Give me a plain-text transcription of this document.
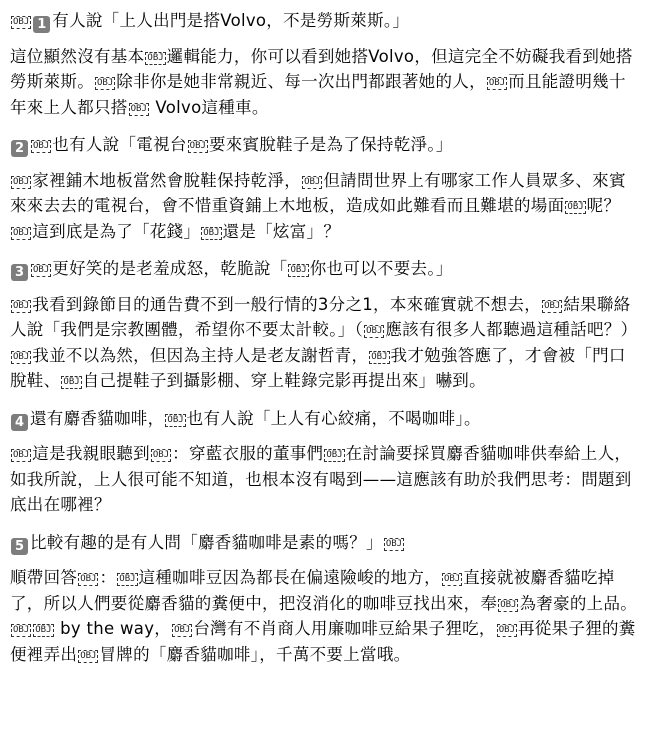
OBJ 1 有人說「上人出門是搭Volvo，不是勞斯萊斯。」

這位顯然沒有基本 OBJ 邏輯能力，你可以看到她搭Volvo，但這完全不妨礙我看到她搭勞斯萊斯。 OBJ 除非你是她非常親近、每一次出門都跟著她的人， OBJ 而且能證明幾十年來上人都只搭 OBJ Volvo這種車。

2 OBJ 也有人說「電視台 OBJ 要來賓脫鞋子是為了保持乾淨。」

OBJ 家裡鋪木地板當然會脫鞋保持乾淨， OBJ 但請問世界上有哪家工作人員眾多、來賓來來去去的電視台，會不惜重資鋪上木地板，造成如此難看而且難堪的場面 OBJ 呢？OBJ 這到底是為了「花錢」 OBJ 還是「炫富」？

3 OBJ 更好笑的是老羞成怒，乾脆說「 OBJ 你也可以不要去。」

OBJ 我看到錄節目的通告費不到一般行情的3分之1，本來確實就不想去， OBJ 結果聯絡人說「我們是宗教團體，希望你不要太計較。」（ OBJ 應該有很多人都聽過這種話吧？）OBJ 我並不以為然，但因為主持人是老友謝哲青， OBJ 我才勉強答應了，才會被「門口脫鞋、 OBJ 自己提鞋子到攝影棚、穿上鞋錄完影再提出來」嚇到。

4 還有麝香貓咖啡， OBJ 也有人說「上人有心絞痛，不喝咖啡」。

OBJ 這是我親眼聽到 OBJ ：穿藍衣服的董事們 OBJ 在討論要採買麝香貓咖啡供奉給上人，如我所說，上人很可能不知道，也根本沒有喝到——這應該有助於我們思考：問題到底出在哪裡？

5 比較有趣的是有人問「麝香貓咖啡是素的嗎？」 OBJ

順帶回答 OBJ ： OBJ 這種咖啡豆因為都長在偏遠險峻的地方， OBJ 直接就被麝香貓吃掉了，所以人們要從麝香貓的糞便中，把沒消化的咖啡豆找出來，奉 OBJ 為奢豪的上品。OBJ OBJ by the way， OBJ 台灣有不肖商人用廉咖啡豆給果子狸吃， OBJ 再從果子狸的糞便裡弄出 OBJ 冒牌的「麝香貓咖啡」，千萬不要上當哦。
